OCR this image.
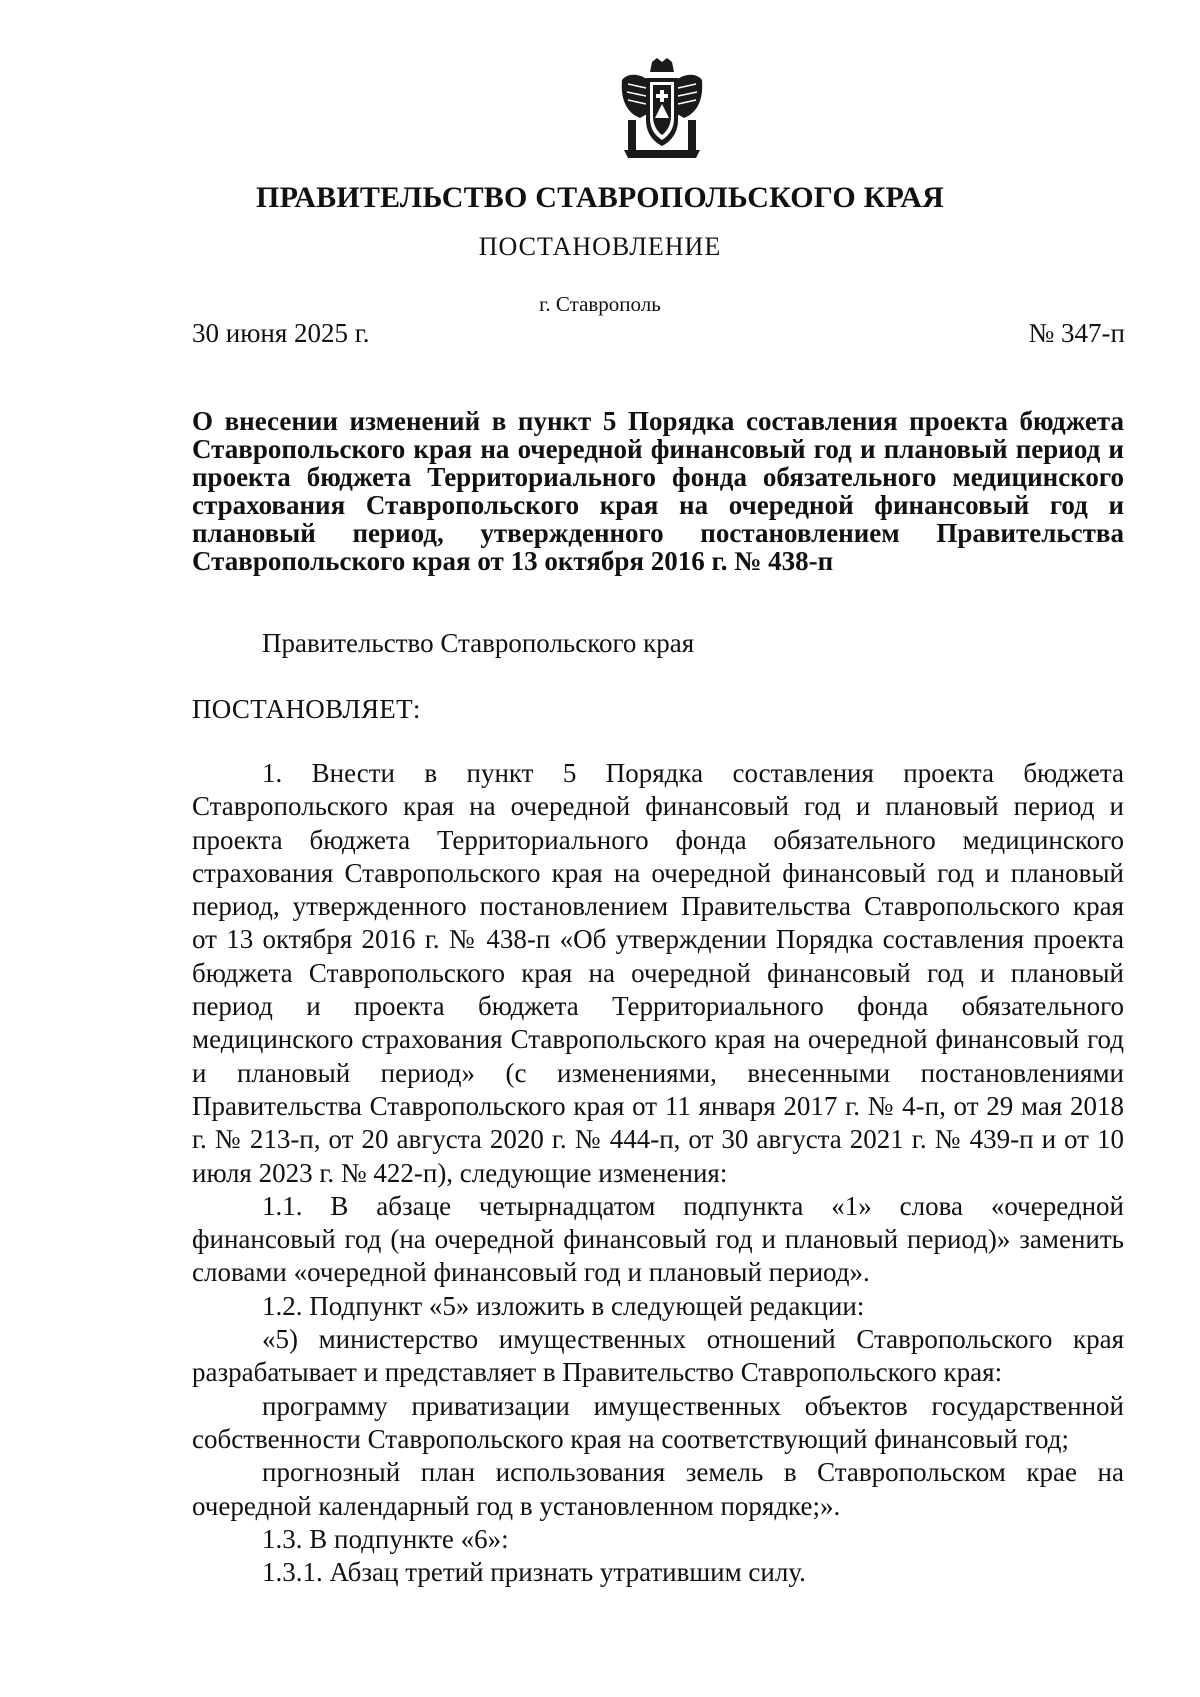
ПРАВИТЕЛЬСТВО СТАВРОПОЛЬСКОГО КРАЯ
ПОСТАНОВЛЕНИЕ
г. Ставрополь
30 июня 2025 г.	№ 347-п
О внесении изменений в пункт 5 Порядка составления проекта бюджета Ставропольского края на очередной финансовый год и плановый период и проекта бюджета Территориального фонда обязательного медицинского страхования Ставропольского края на очередной финансовый год и плановый период, утвержденного постановлением Правительства Ставропольского края от 13 октября 2016 г. № 438-п
Правительство Ставропольского края
ПОСТАНОВЛЯЕТ:

1. Внести в пункт 5 Порядка составления проекта бюджета Ставропольского края на очередной финансовый год и плановый период и проекта бюджета Территориального фонда обязательного медицинского страхования Ставропольского края на очередной финансовый год и плановый период, утвержденного постановлением Правительства Ставропольского края от 13 октября 2016 г. № 438-п «Об утверждении Порядка составления проекта бюджета Ставропольского края на очередной финансовый год и плановый период и проекта бюджета Территориального фонда обязательного медицинского страхования Ставропольского края на очередной финансовый год и плановый период» (с изменениями, внесенными постановлениями Правительства Ставропольского края от 11 января 2017 г. № 4-п, от 29 мая 2018 г. № 213-п, от 20 августа 2020 г. № 444-п, от 30 августа 2021 г. № 439-п и от 10 июля 2023 г. № 422-п), следующие изменения:

1.1. В абзаце четырнадцатом подпункта «1» слова «очередной финансовый год (на очередной финансовый год и плановый период)» заменить словами «очередной финансовый год и плановый период».

1.2. Подпункт «5» изложить в следующей редакции:

«5) министерство имущественных отношений Ставропольского края разрабатывает и представляет в Правительство Ставропольского края:

программу приватизации имущественных объектов государственной собственности Ставропольского края на соответствующий финансовый год;

прогнозный план использования земель в Ставропольском крае на очередной календарный год в установленном порядке;».

1.3. В подпункте «6»:

1.3.1. Абзац третий признать утратившим силу.
